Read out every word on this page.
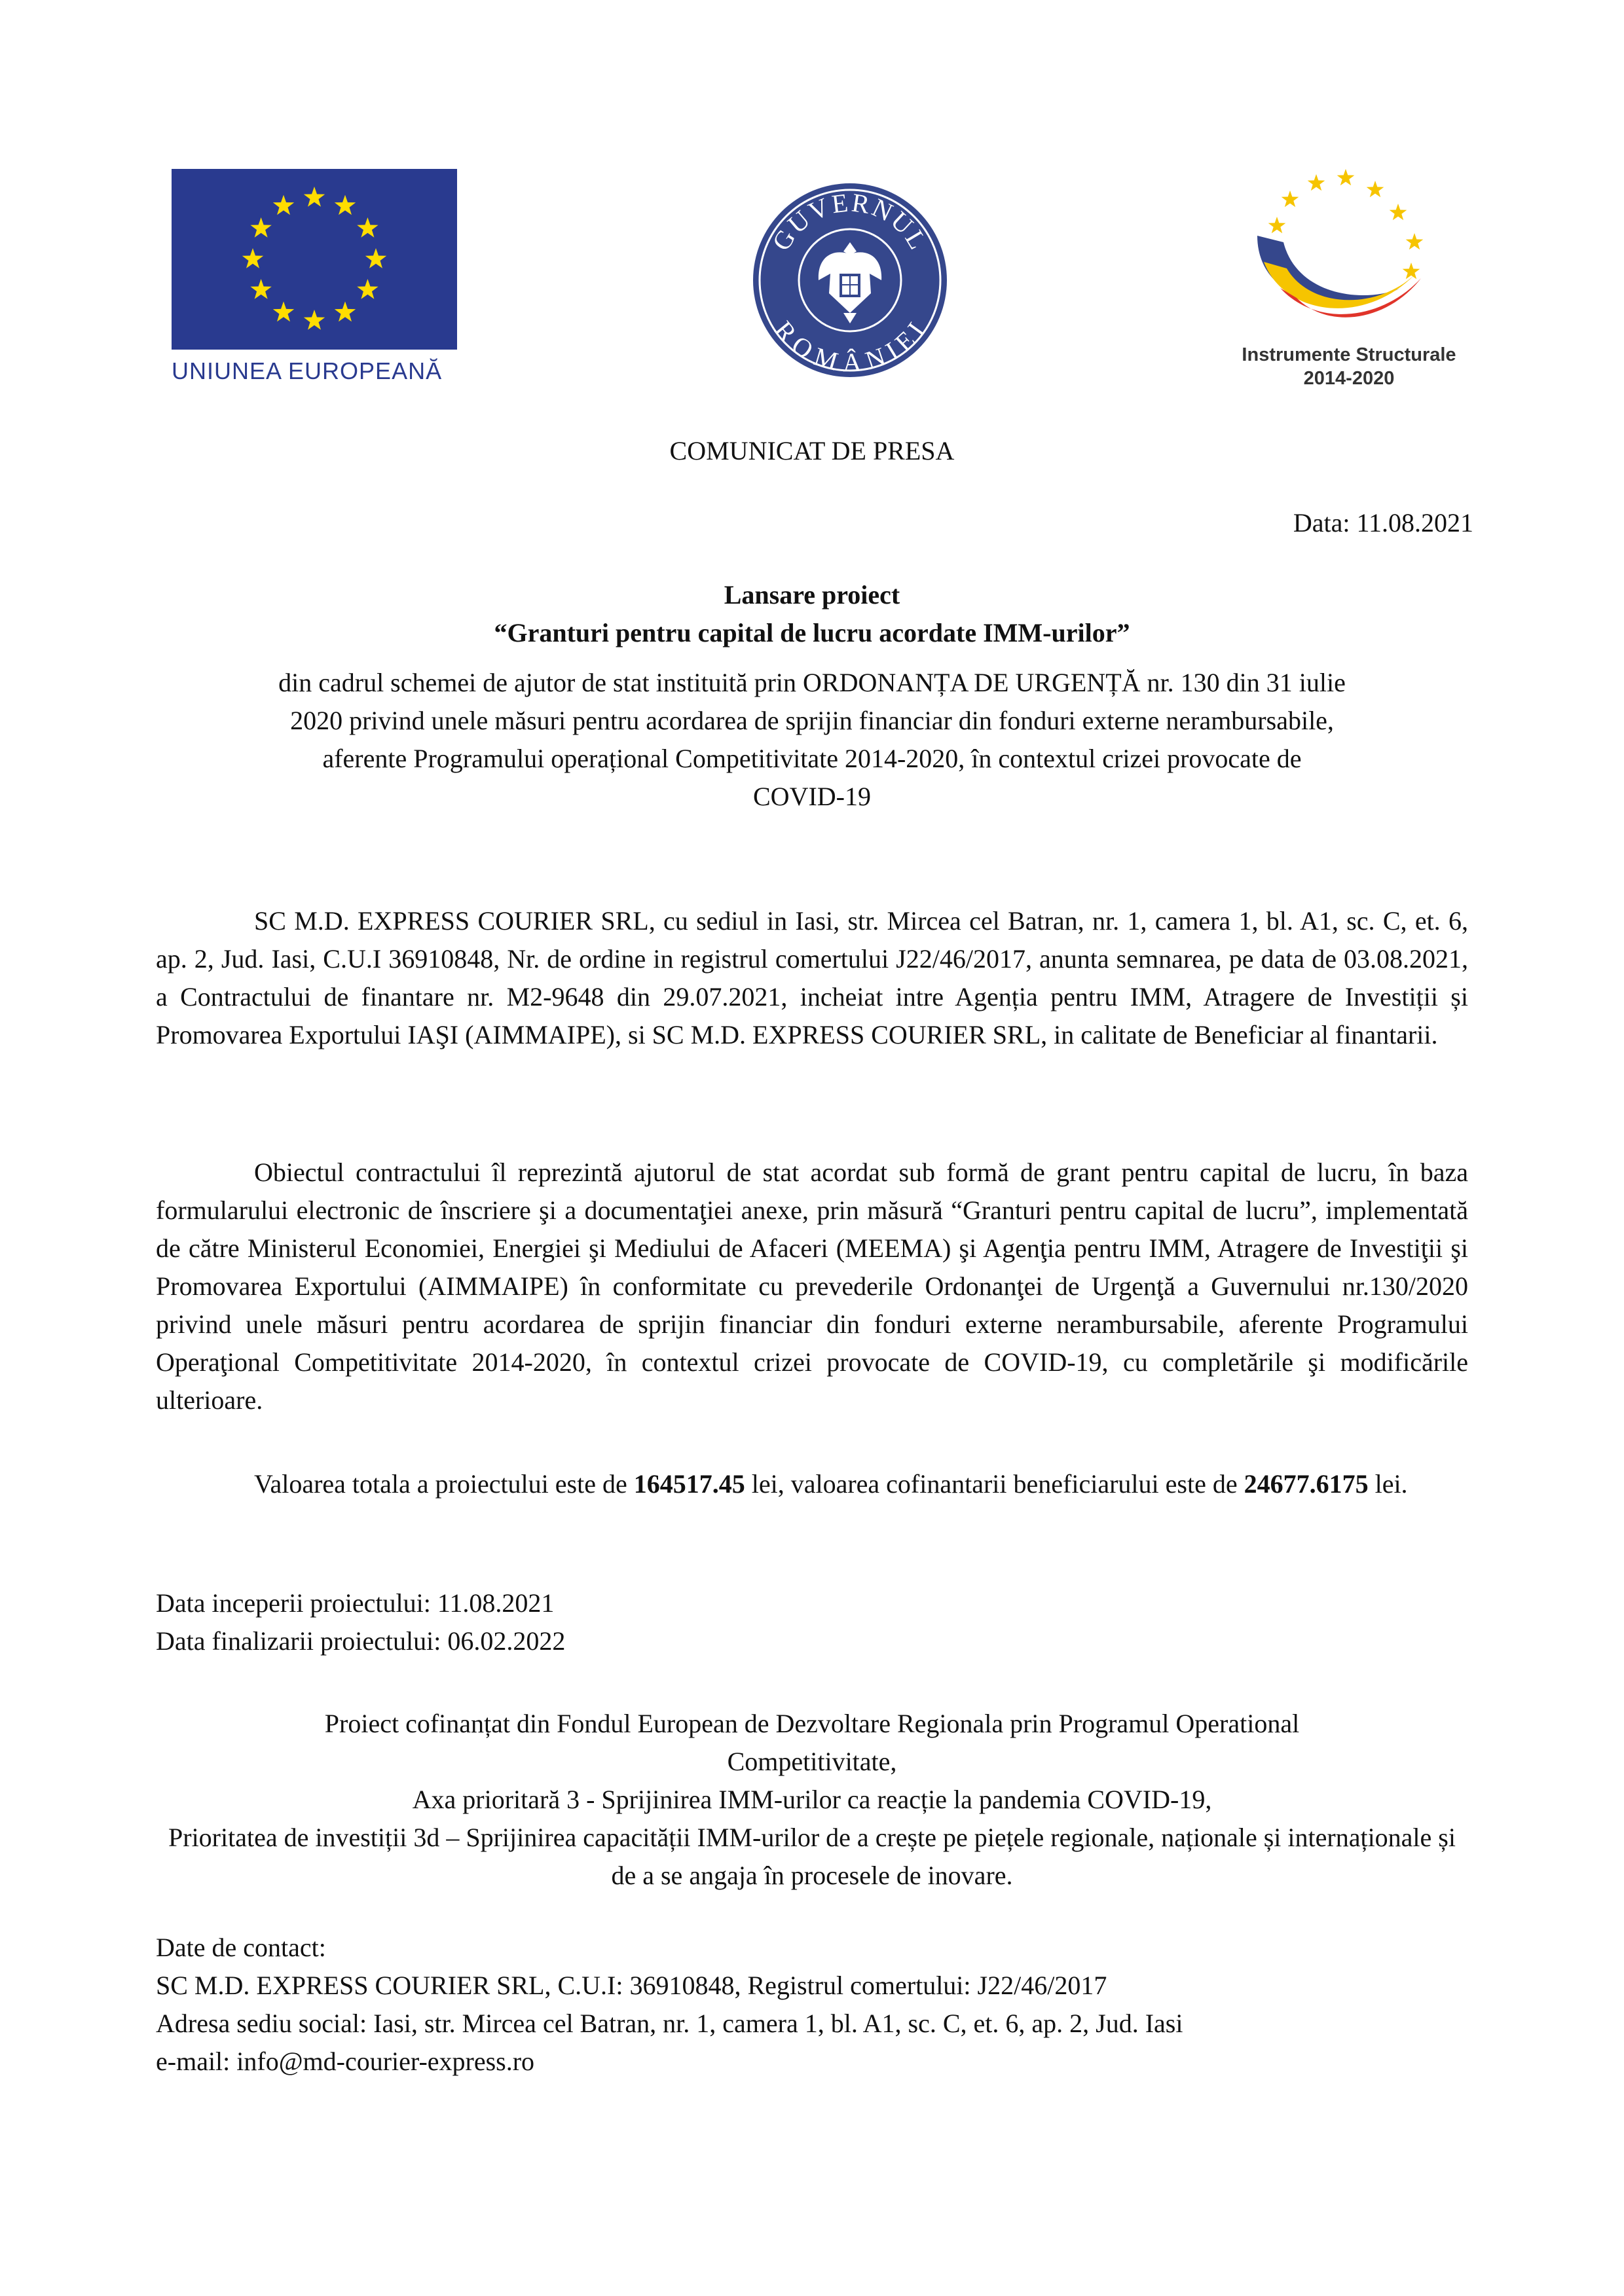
UNIUNEA EUROPEANĂ
GUVERNUL
ROMÂNIEI
Instrumente Structurale
2014-2020
COMUNICAT DE PRESA
Data: 11.08.2021
Lansare proiect
“Granturi pentru capital de lucru acordate IMM-urilor”
din cadrul schemei de ajutor de stat instituită prin ORDONANȚA DE URGENȚĂ nr. 130 din 31 iulie 2020 privind unele măsuri pentru acordarea de sprijin financiar din fonduri externe nerambursabile, aferente Programului operațional Competitivitate 2014-2020, în contextul crizei provocate de COVID-19
SC M.D. EXPRESS COURIER SRL, cu sediul in Iasi, str. Mircea cel Batran, nr. 1, camera 1, bl. A1, sc. C, et. 6, ap. 2, Jud. Iasi, C.U.I 36910848, Nr. de ordine in registrul comertului J22/46/2017, anunta semnarea, pe data de 03.08.2021, a Contractului de finantare nr. M2-9648 din 29.07.2021, incheiat intre Agenția pentru IMM, Atragere de Investiții și Promovarea Exportului IAŞI (AIMMAIPE), si SC M.D. EXPRESS COURIER SRL, in calitate de Beneficiar al finantarii.
Obiectul contractului îl reprezintă ajutorul de stat acordat sub formă de grant pentru capital de lucru, în baza formularului electronic de înscriere şi a documentaţiei anexe, prin măsură “Granturi pentru capital de lucru”, implementată de către Ministerul Economiei, Energiei şi Mediului de Afaceri (MEEMA) şi Agenţia pentru IMM, Atragere de Investiţii şi Promovarea Exportului (AIMMAIPE) în conformitate cu prevederile Ordonanţei de Urgenţă a Guvernului nr.130/2020 privind unele măsuri pentru acordarea de sprijin financiar din fonduri externe nerambursabile, aferente Programului Operaţional Competitivitate 2014-2020, în contextul crizei provocate de COVID-19, cu completările şi modificările ulterioare.
Valoarea totala a proiectului este de 164517.45 lei, valoarea cofinantarii beneficiarului este de 24677.6175 lei.
Data inceperii proiectului: 11.08.2021
Data finalizarii proiectului: 06.02.2022
Proiect cofinanțat din Fondul European de Dezvoltare Regionala prin Programul Operational Competitivitate,
Axa prioritară 3 - Sprijinirea IMM-urilor ca reacție la pandemia COVID-19,
Prioritatea de investiții 3d – Sprijinirea capacității IMM-urilor de a crește pe piețele regionale, naționale și internaționale și de a se angaja în procesele de inovare.
Date de contact:
SC M.D. EXPRESS COURIER SRL, C.U.I: 36910848, Registrul comertului: J22/46/2017
Adresa sediu social: Iasi, str. Mircea cel Batran, nr. 1, camera 1, bl. A1, sc. C, et. 6, ap. 2, Jud. Iasi
e-mail: info@md-courier-express.ro
